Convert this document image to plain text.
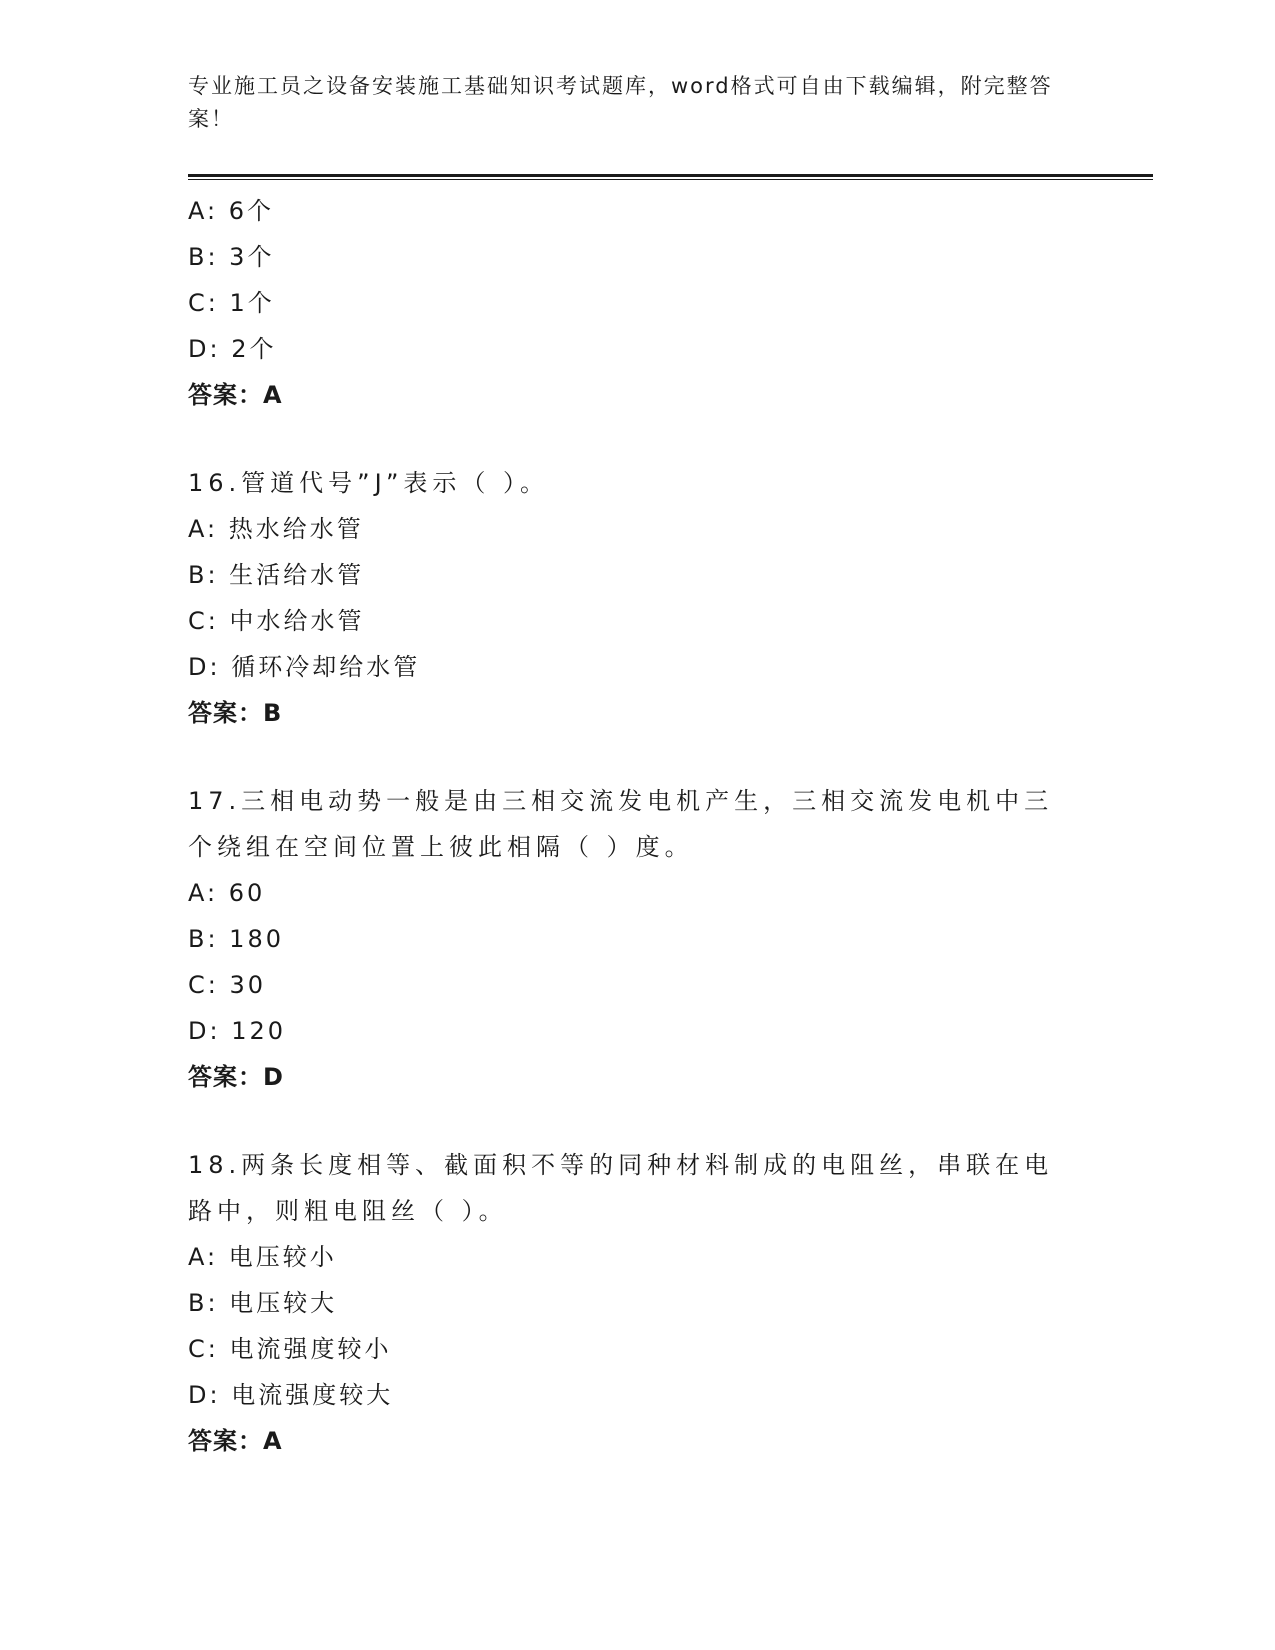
专业施工员之设备安装施工基础知识考试题库，word格式可自由下载编辑，附完整答案！

A: 6个
B: 3个
C: 1个
D: 2个
答案：A
16.管道代号”J”表示（ ）。
A: 热水给水管
B: 生活给水管
C: 中水给水管
D: 循环冷却给水管
答案：B
17.三相电动势一般是由三相交流发电机产生，三相交流发电机中三个绕组在空间位置上彼此相隔（ ）度。
A: 60
B: 180
C: 30
D: 120
答案：D
18.两条长度相等、截面积不等的同种材料制成的电阻丝，串联在电路中，则粗电阻丝（ ）。
A: 电压较小
B: 电压较大
C: 电流强度较小
D: 电流强度较大
答案：A
